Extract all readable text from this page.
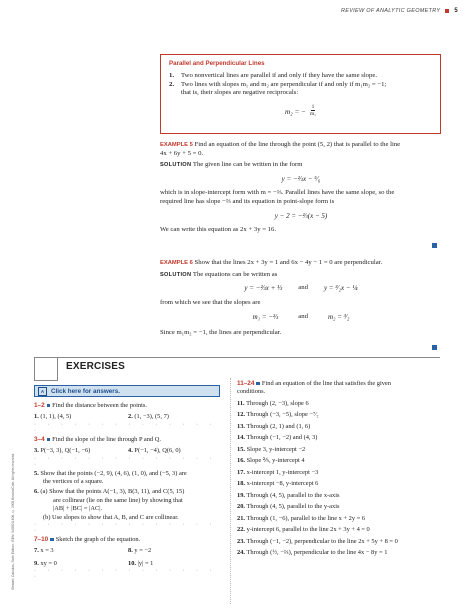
REVIEW OF ANALYTIC GEOMETRY 5
Parallel and Perpendicular Lines
1.	Two nonvertical lines are parallel if and only if they have the same slope.
2.	Two lines with slopes m₁ and m₂ are perpendicular if and only if m₁m₂ = −1;
that is, their slopes are negative reciprocals:
m₂ = − $\frac{1}{\text{m₁}}$
EXAMPLE 5 Find an equation of the line through the point (5, 2) that is parallel to the line
4x + 6y + 5 = 0.
SOLUTION The given line can be written in the form
y = −⅔x − ⁵⁄₆
which is in slope-intercept form with m = −⅔. Parallel lines have the same slope, so the
required line has slope −⅔ and its equation in point-slope form is
y − 2 = −⅔(x − 5)
We can write this equation as 2x + 3y = 16.
EXAMPLE 6 Show that the lines 2x + 3y = 1 and 6x − 4y − 1 = 0 are perpendicular.
SOLUTION The equations can be written as
y = −⅔x + ⅓ and y = ³⁄₂x − ¼
from which we see that the slopes are
m₁ = −⅔	and	m₂ = ³⁄₂
Since m₁m₂ = −1, the lines are perpendicular.
EXERCISES
A	Click here for answers.
1–2 Find the distance between the points.
1. (1, 1), (4, 5)	2. (1, −3), (5, 7)
· · · · · · · · · · · · · · ·
3–4 Find the slope of the line through P and Q.
3. P(−3, 3), Q(−1, −6)	4. P(−1, −4), Q(6, 0)
· · · · · · · · · · · · · · ·
5. Show that the points (−2, 9), (4, 6), (1, 0), and (−5, 3) are
the vertices of a square.
6. (a) Show that the points A(−1, 3), B(3, 11), and C(5, 15)
are collinear (lie on the same line) by showing that
|AB| + |BC| = |AC|.
(b) Use slopes to show that A, B, and C are collinear.
· · · · · · · · · · · · · · ·
7–10 Sketch the graph of the equation.
7. x = 3	8. y = −2
9. xy = 0	10. |y| = 1
· · · · · · · · · · · · · · ·
11–24 Find an equation of the line that satisfies the given
conditions.
11. Through (2, −3), slope 6
12. Through (−3, −5), slope −⁷⁄₂
13. Through (2, 1) and (1, 6)
14. Through (−1, −2) and (4, 3)
15. Slope 3, y-intercept −2
16. Slope ⅖, y-intercept 4
17. x-intercept 1, y-intercept −3
18. x-intercept −8, y-intercept 6
19. Through (4, 5), parallel to the x-axis
20. Through (4, 5), parallel to the y-axis
21. Through (1, −6), parallel to the line x + 2y = 6
22. y-intercept 6, parallel to the line 2x + 3y + 4 = 0
23. Through (−1, −2), perpendicular to the line 2x + 5y + 8 = 0
24. Through (½, −⅔), perpendicular to the line 4x − 8y = 1
Stewart: Calculus, Sixth Edition. ISBN: 0495011606. © 2008 Brooks/Cole. All rights reserved.
